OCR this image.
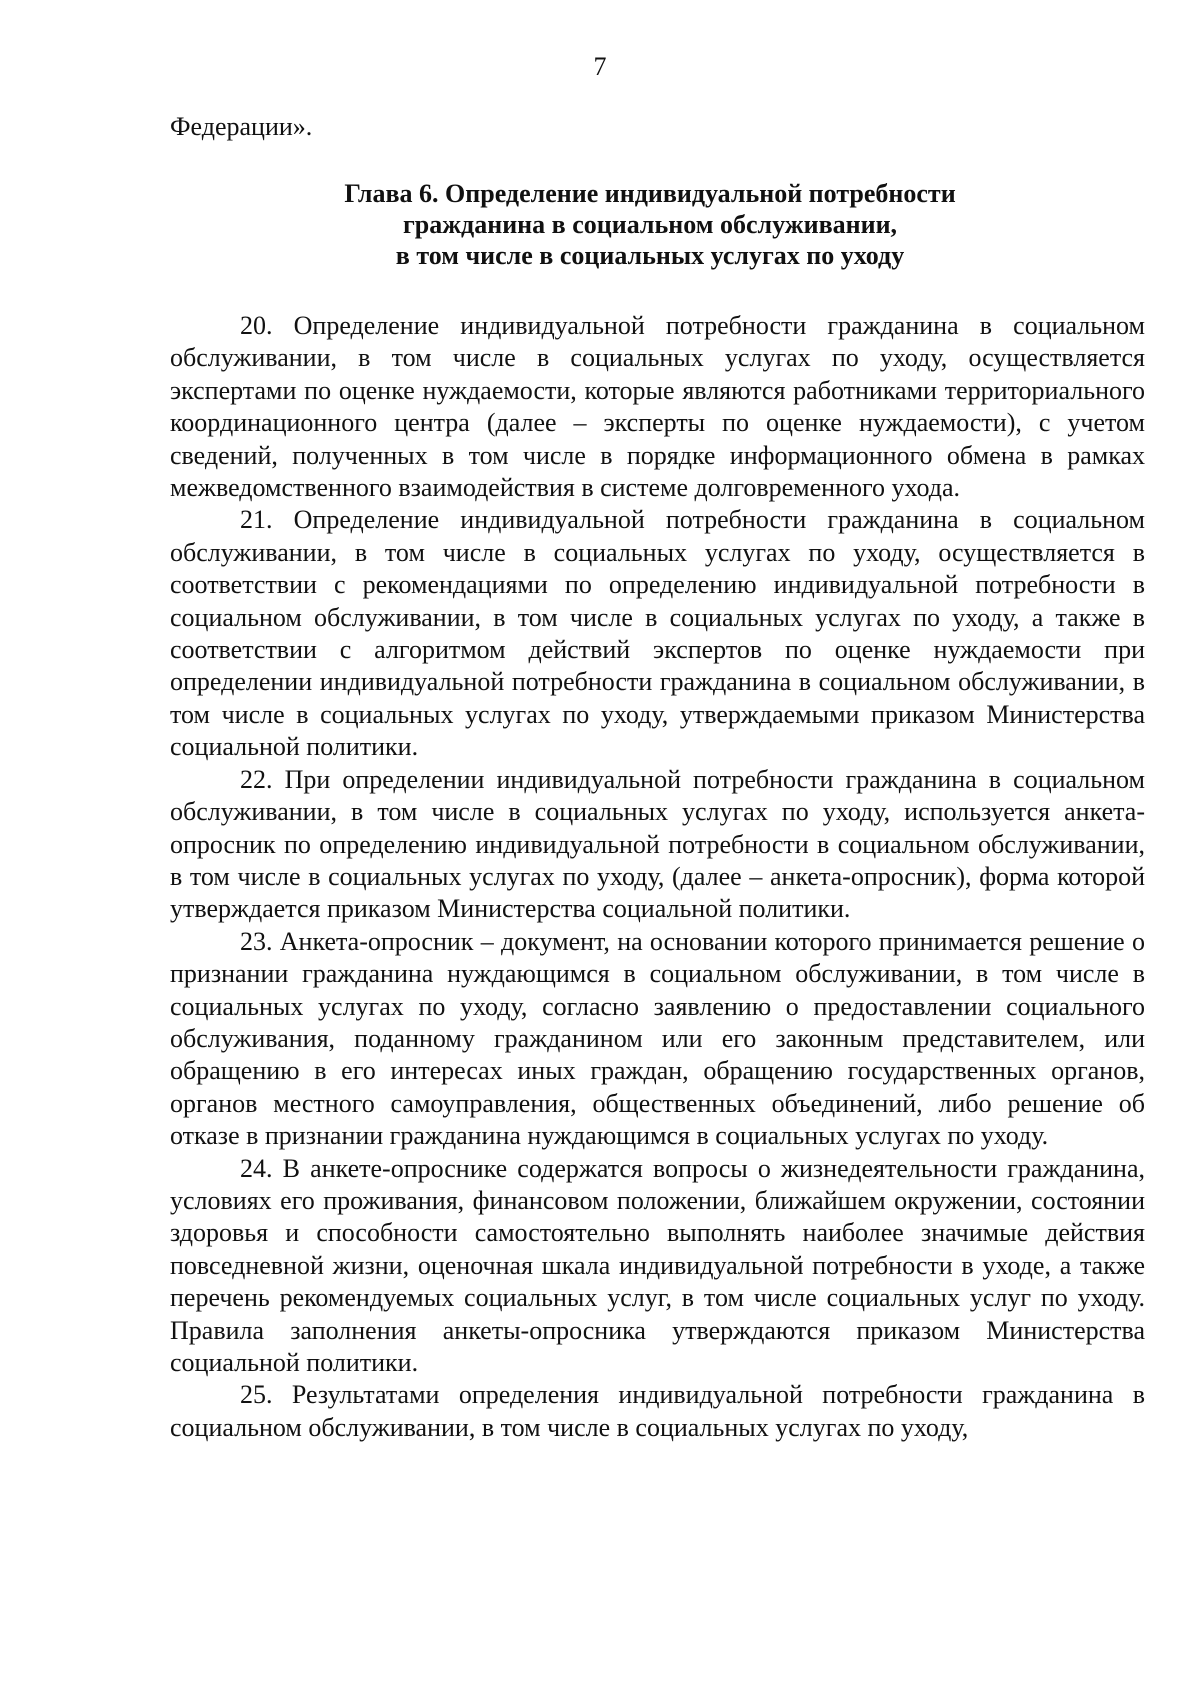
7
Федерации».
Глава 6. Определение индивидуальной потребности
гражданина в социальном обслуживании,
в том числе в социальных услугах по уходу

20. Определение индивидуальной потребности гражданина в социальном обслуживании, в том числе в социальных услугах по уходу, осуществляется экспертами по оценке нуждаемости, которые являются работниками территориального координационного центра (далее – эксперты по оценке нуждаемости), с учетом сведений, полученных в том числе в порядке информационного обмена в рамках межведомственного взаимодействия в системе долговременного ухода.

21. Определение индивидуальной потребности гражданина в социальном обслуживании, в том числе в социальных услугах по уходу, осуществляется в соответствии с рекомендациями по определению индивидуальной потребности в социальном обслуживании, в том числе в социальных услугах по уходу, а также в соответствии с алгоритмом действий экспертов по оценке нуждаемости при определении индивидуальной потребности гражданина в социальном обслуживании, в том числе в социальных услугах по уходу, утверждаемыми приказом Министерства социальной политики.

22. При определении индивидуальной потребности гражданина в социальном обслуживании, в том числе в социальных услугах по уходу, используется анкета-опросник по определению индивидуальной потребности в социальном обслуживании, в том числе в социальных услугах по уходу, (далее – анкета-опросник), форма которой утверждается приказом Министерства социальной политики.

23. Анкета-опросник – документ, на основании которого принимается решение о признании гражданина нуждающимся в социальном обслуживании, в том числе в социальных услугах по уходу, согласно заявлению о предоставлении социального обслуживания, поданному гражданином или его законным представителем, или обращению в его интересах иных граждан, обращению государственных органов, органов местного самоуправления, общественных объединений, либо решение об отказе в признании гражданина нуждающимся в социальных услугах по уходу.

24. В анкете-опроснике содержатся вопросы о жизнедеятельности гражданина, условиях его проживания, финансовом положении, ближайшем окружении, состоянии здоровья и способности самостоятельно выполнять наиболее значимые действия повседневной жизни, оценочная шкала индивидуальной потребности в уходе, а также перечень рекомендуемых социальных услуг, в том числе социальных услуг по уходу. Правила заполнения анкеты-опросника утверждаются приказом Министерства социальной политики.

25. Результатами определения индивидуальной потребности гражданина в социальном обслуживании, в том числе в социальных услугах по уходу,
